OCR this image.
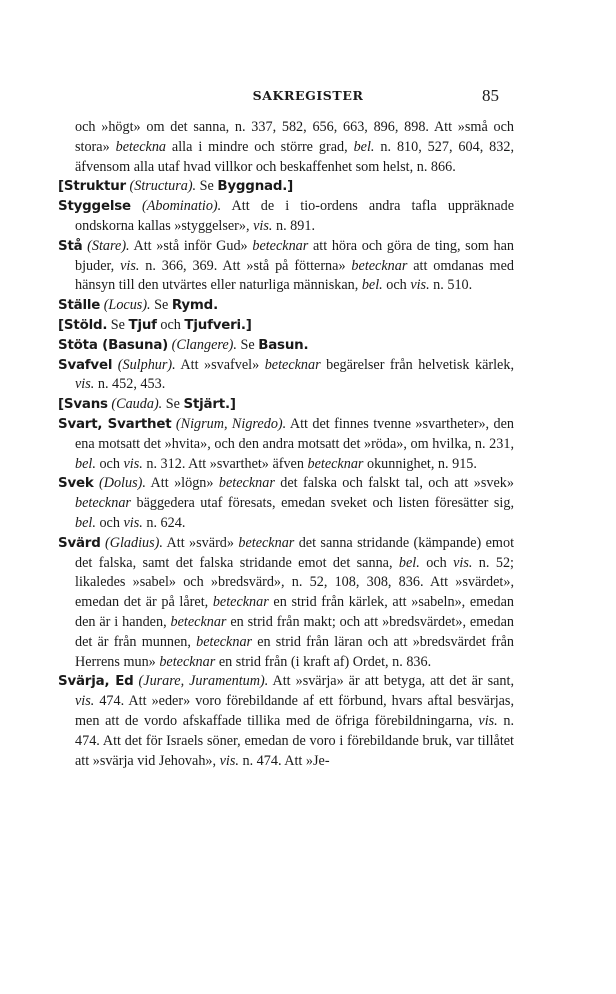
SAKREGISTER	85

och »högt» om det sanna, n. 337, 582, 656, 663, 896, 898. Att »små och stora» beteckna alla i mindre och större grad, bel. n. 810, 527, 604, 832, äfvensom alla utaf hvad villkor och beskaffenhet som helst, n. 866.

[Struktur (Structura). Se Byggnad.]

Styggelse (Abominatio). Att de i tio-ordens andra tafla uppräknade ondskorna kallas »styggelser», vis. n. 891.

Stå (Stare). Att »stå inför Gud» betecknar att höra och göra de ting, som han bjuder, vis. n. 366, 369. Att »stå på fötterna» betecknar att omdanas med hänsyn till den utvärtes eller naturliga människan, bel. och vis. n. 510.

Ställe (Locus). Se Rymd.

[Stöld. Se Tjuf och Tjufveri.]

Stöta (Basuna) (Clangere). Se Basun.

Svafvel (Sulphur). Att »svafvel» betecknar begärelser från helvetisk kärlek, vis. n. 452, 453.

[Svans (Cauda). Se Stjärt.]

Svart, Svarthet (Nigrum, Nigredo). Att det finnes tvenne »svartheter», den ena motsatt det »hvita», och den andra motsatt det »röda», om hvilka, n. 231, bel. och vis. n. 312. Att »svarthet» äfven betecknar okunnighet, n. 915.

Svek (Dolus). Att »lögn» betecknar det falska och falskt tal, och att »svek» betecknar bäggedera utaf föresats, emedan sveket och listen föresätter sig, bel. och vis. n. 624.

Svärd (Gladius). Att »svärd» betecknar det sanna stridande (kämpande) emot det falska, samt det falska stridande emot det sanna, bel. och vis. n. 52; likaledes »sabel» och »bredsvärd», n. 52, 108, 308, 836. Att »svärdet», emedan det är på låret, betecknar en strid från kärlek, att »sabeln», emedan den är i handen, betecknar en strid från makt; och att »bredsvärdet», emedan det är från munnen, betecknar en strid från läran och att »bredsvärdet från Herrens mun» betecknar en strid från (i kraft af) Ordet, n. 836.

Svärja, Ed (Jurare, Juramentum). Att »svärja» är att betyga, att det är sant, vis. 474. Att »eder» voro förebildande af ett förbund, hvars aftal besvärjas, men att de vordo afskaffade tillika med de öfriga förebildningarna, vis. n. 474. Att det för Israels söner, emedan de voro i förebildande bruk, var tillåtet att »svärja vid Jehovah», vis. n. 474. Att »Je-
